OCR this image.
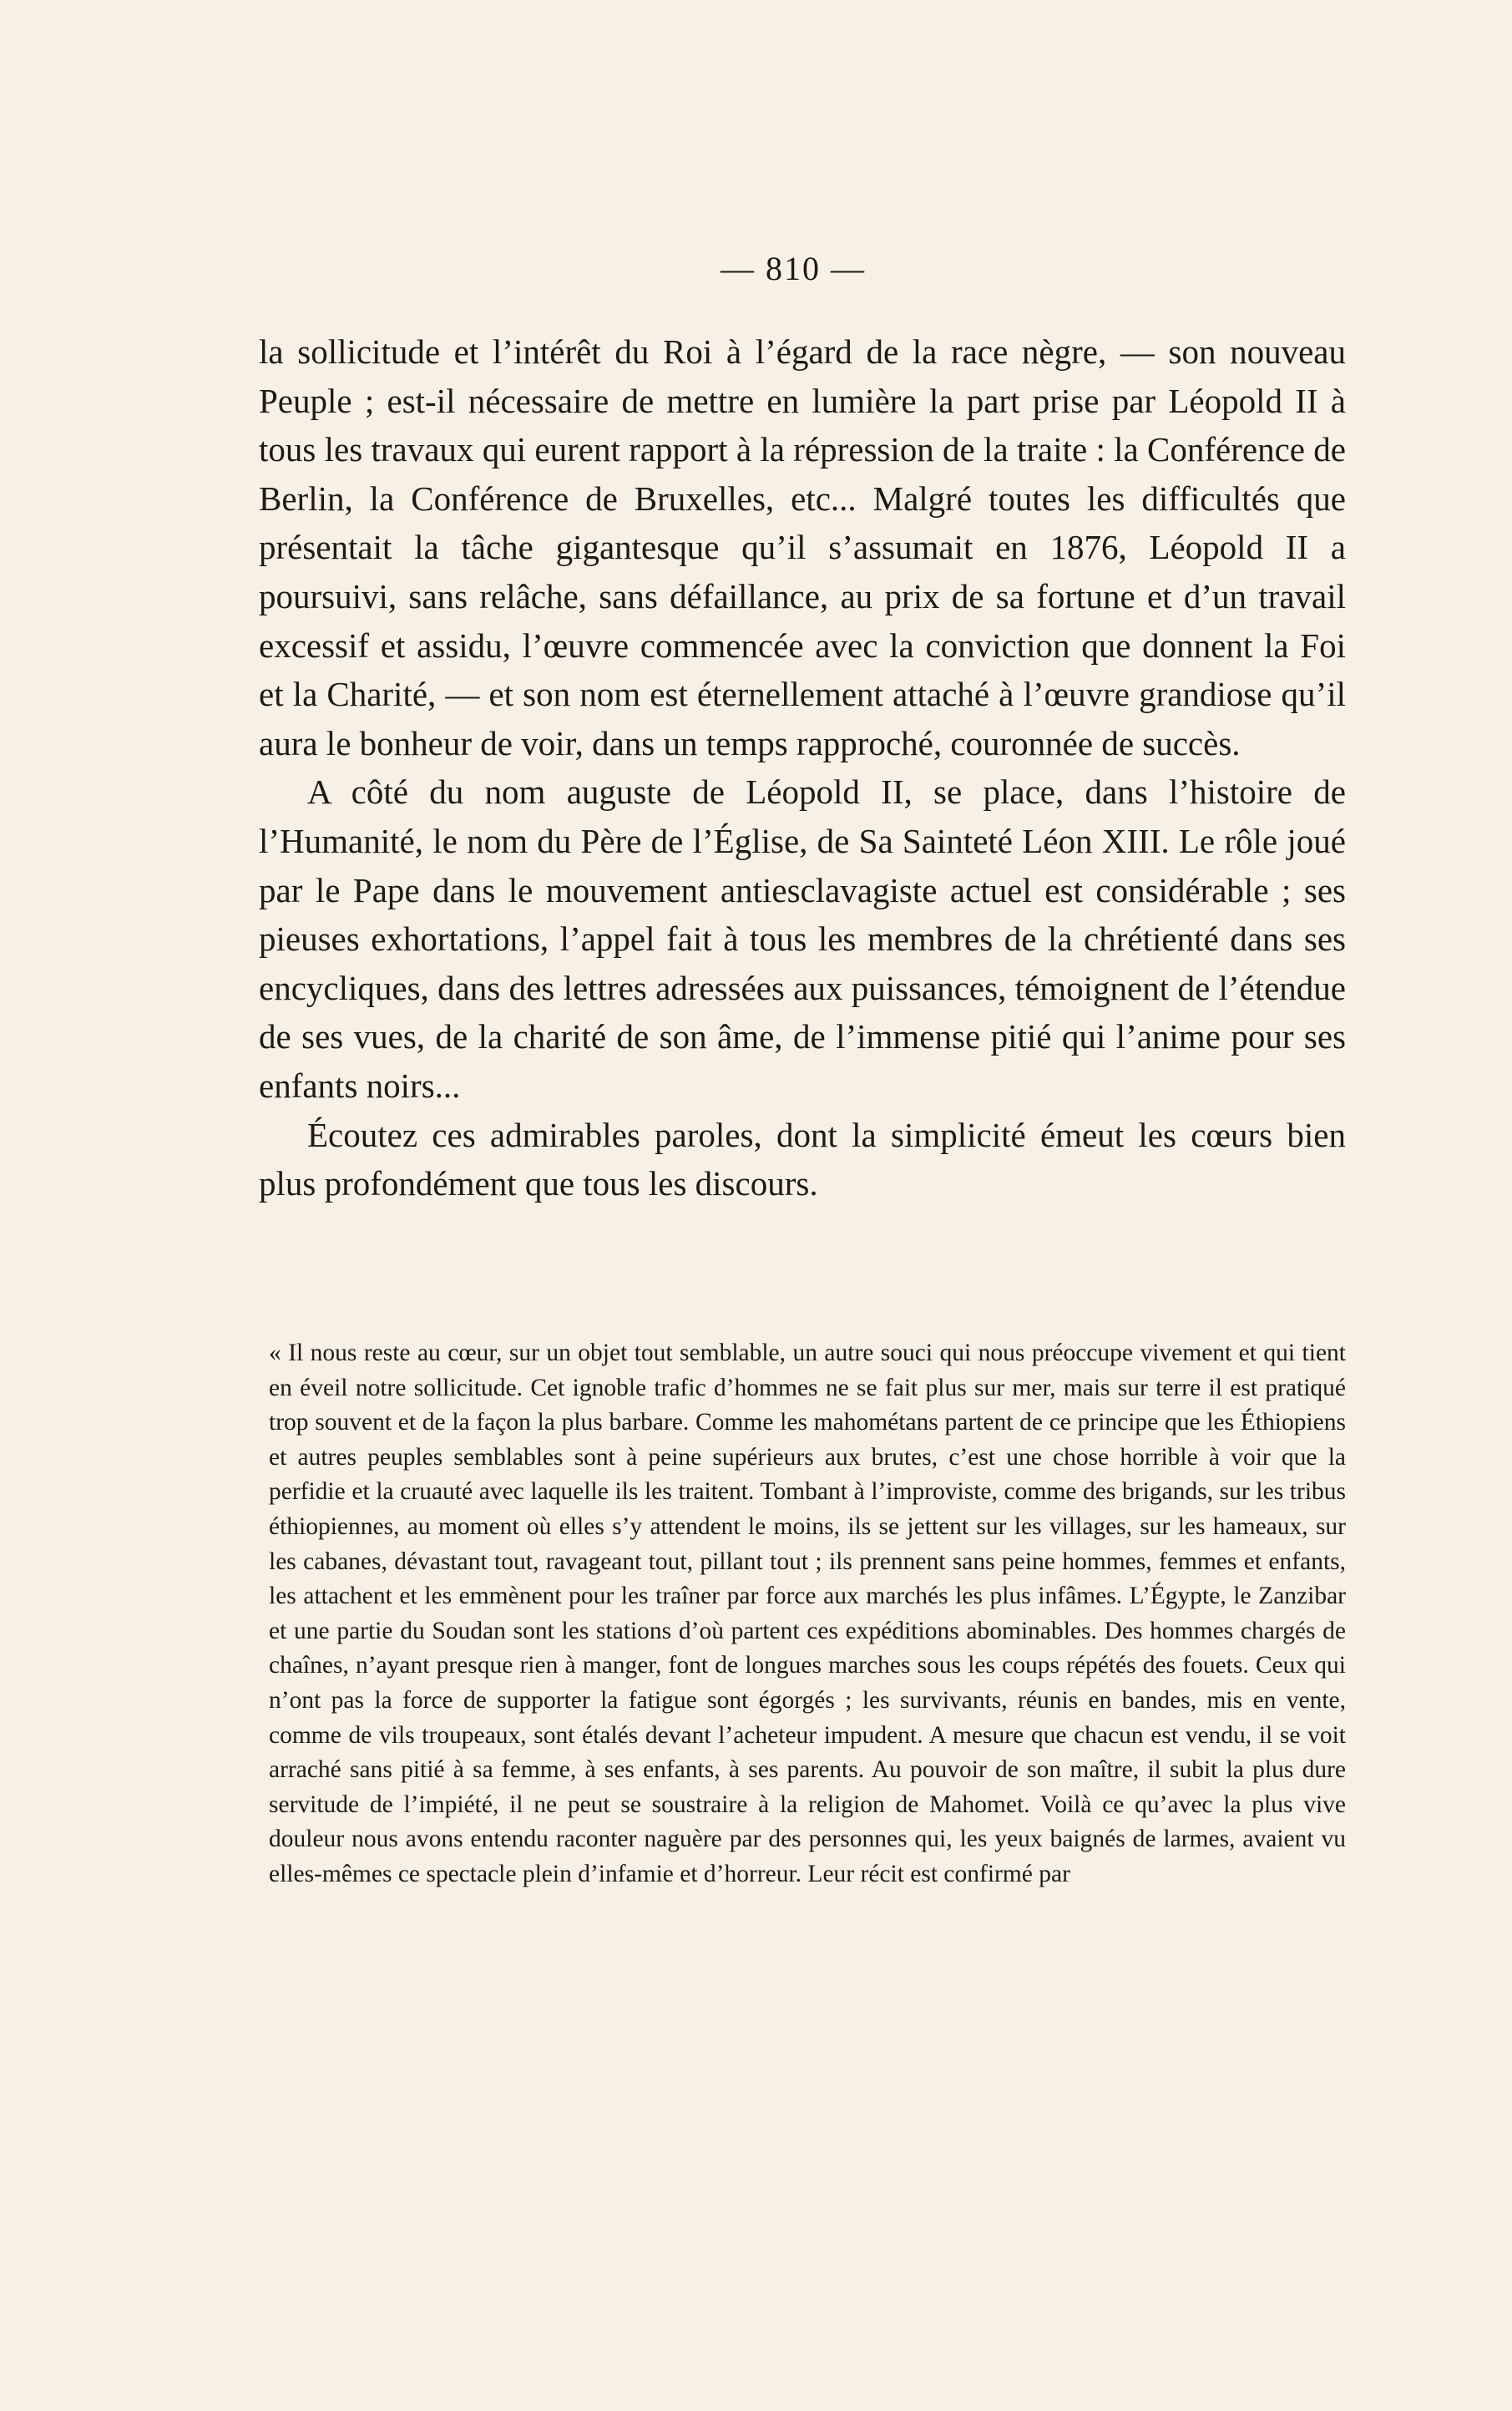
— 810 —

la sollicitude et l’intérêt du Roi à l’égard de la race nègre, — son nouveau Peuple ; est-il nécessaire de mettre en lumière la part prise par Léopold II à tous les travaux qui eurent rapport à la répression de la traite : la Conférence de Berlin, la Conférence de Bruxelles, etc... Malgré toutes les difficultés que présentait la tâche gigantesque qu’il s’assumait en 1876, Léopold II a poursuivi, sans relâche, sans défaillance, au prix de sa fortune et d’un travail excessif et assidu, l’œuvre commencée avec la conviction que donnent la Foi et la Charité, — et son nom est éternellement attaché à l’œuvre grandiose qu’il aura le bonheur de voir, dans un temps rapproché, couronnée de succès.

A côté du nom auguste de Léopold II, se place, dans l’histoire de l’Humanité, le nom du Père de l’Église, de Sa Sainteté Léon XIII. Le rôle joué par le Pape dans le mouvement antiesclavagiste actuel est considérable ; ses pieuses exhortations, l’appel fait à tous les membres de la chrétienté dans ses encycliques, dans des lettres adressées aux puissances, témoignent de l’étendue de ses vues, de la charité de son âme, de l’immense pitié qui l’anime pour ses enfants noirs...

Écoutez ces admirables paroles, dont la simplicité émeut les cœurs bien plus profondément que tous les discours.

« Il nous reste au cœur, sur un objet tout semblable, un autre souci qui nous préoccupe vivement et qui tient en éveil notre sollicitude. Cet ignoble trafic d’hommes ne se fait plus sur mer, mais sur terre il est pratiqué trop souvent et de la façon la plus barbare. Comme les mahométans partent de ce principe que les Éthiopiens et autres peuples semblables sont à peine supérieurs aux brutes, c’est une chose horrible à voir que la perfidie et la cruauté avec laquelle ils les traitent. Tombant à l’improviste, comme des brigands, sur les tribus éthiopiennes, au moment où elles s’y attendent le moins, ils se jettent sur les villages, sur les hameaux, sur les cabanes, dévastant tout, ravageant tout, pillant tout ; ils prennent sans peine hommes, femmes et enfants, les attachent et les emmènent pour les traîner par force aux marchés les plus infâmes. L’Égypte, le Zanzibar et une partie du Soudan sont les stations d’où partent ces expéditions abominables. Des hommes chargés de chaînes, n’ayant presque rien à manger, font de longues marches sous les coups répétés des fouets. Ceux qui n’ont pas la force de supporter la fatigue sont égorgés ; les survivants, réunis en bandes, mis en vente, comme de vils troupeaux, sont étalés devant l’acheteur impudent. A mesure que chacun est vendu, il se voit arraché sans pitié à sa femme, à ses enfants, à ses parents. Au pouvoir de son maître, il subit la plus dure servitude de l’impiété, il ne peut se soustraire à la religion de Mahomet. Voilà ce qu’avec la plus vive douleur nous avons entendu raconter naguère par des personnes qui, les yeux baignés de larmes, avaient vu elles-mêmes ce spectacle plein d’infamie et d’horreur. Leur récit est confirmé par
